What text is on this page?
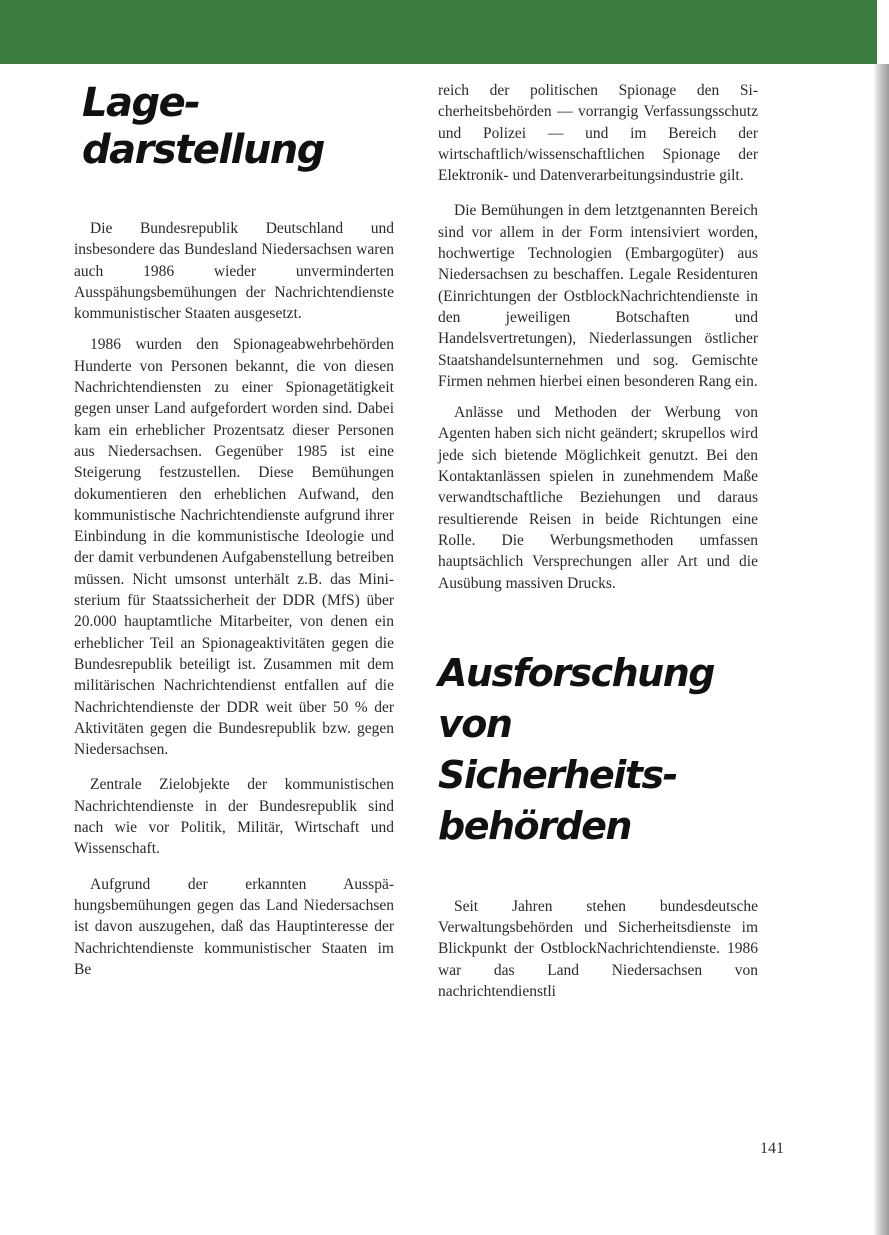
Lage-
darstellung

Die Bundesrepublik Deutschland und insbesondere das Bundesland Niedersachsen waren auch 1986 wieder unverminderten Ausspähungsbemühungen der Nachrichtendienste kommunistischer Staaten ausgesetzt.

1986 wurden den Spionageabwehrbehörden Hunderte von Personen bekannt, die von diesen Nachrichtendiensten zu einer Spionagetätigkeit gegen unser Land aufgefordert worden sind. Dabei kam ein erheblicher Prozentsatz dieser Personen aus Niedersachsen. Gegenüber 1985 ist eine Steigerung festzustellen. Diese Bemühungen dokumentieren den erheblichen Aufwand, den kommunistische Nachrichtendienste aufgrund ihrer Einbindung in die kommunistische Ideologie und der damit verbundenen Aufgabenstellung betreiben müssen. Nicht umsonst unterhält z.B. das Ministerium für Staatssicherheit der DDR (MfS) über 20.000 hauptamtliche Mitarbeiter, von denen ein erheblicher Teil an Spionageaktivitäten gegen die Bundesrepublik beteiligt ist. Zusammen mit dem militärischen Nachrichtendienst entfallen auf die Nachrichtendienste der DDR weit über 50 % der Aktivitäten gegen die Bundesrepublik bzw. gegen Niedersachsen.

Zentrale Zielobjekte der kommunistischen Nachrichtendienste in der Bundesrepublik sind nach wie vor Politik, Militär, Wirtschaft und Wissenschaft.

Aufgrund der erkannten Ausspähungsbemühungen gegen das Land Niedersachsen ist davon auszugehen, daß das Hauptinteresse der Nachrichtendienste kommunistischer Staaten im Be

reich der politischen Spionage den Sicherheitsbehörden — vorrangig Verfassungsschutz und Polizei — und im Bereich der wirtschaftlich/wissenschaftlichen Spionage der Elektronik- und Datenverarbeitungsindustrie gilt.

Die Bemühungen in dem letztgenannten Bereich sind vor allem in der Form intensiviert worden, hochwertige Technologien (Embargogüter) aus Niedersachsen zu beschaffen. Legale Residenturen (Einrichtungen der OstblockNachrichtendienste in den jeweiligen Botschaften und Handelsvertretungen), Niederlassungen östlicher Staatshandelsunternehmen und sog. Gemischte Firmen nehmen hierbei einen besonderen Rang ein.

Anlässe und Methoden der Werbung von Agenten haben sich nicht geändert; skrupellos wird jede sich bietende Möglichkeit genutzt. Bei den Kontaktanlässen spielen in zunehmendem Maße verwandtschaftliche Beziehungen und daraus resultierende Reisen in beide Richtungen eine Rolle. Die Werbungsmethoden umfassen hauptsächlich Versprechungen aller Art und die Ausübung massiven Drucks.

Ausforschung
von
Sicherheits-
behörden

Seit Jahren stehen bundesdeutsche Verwaltungsbehörden und Sicherheitsdienste im Blickpunkt der OstblockNachrichtendienste. 1986 war das Land Niedersachsen von nachrichtendienstli

141
